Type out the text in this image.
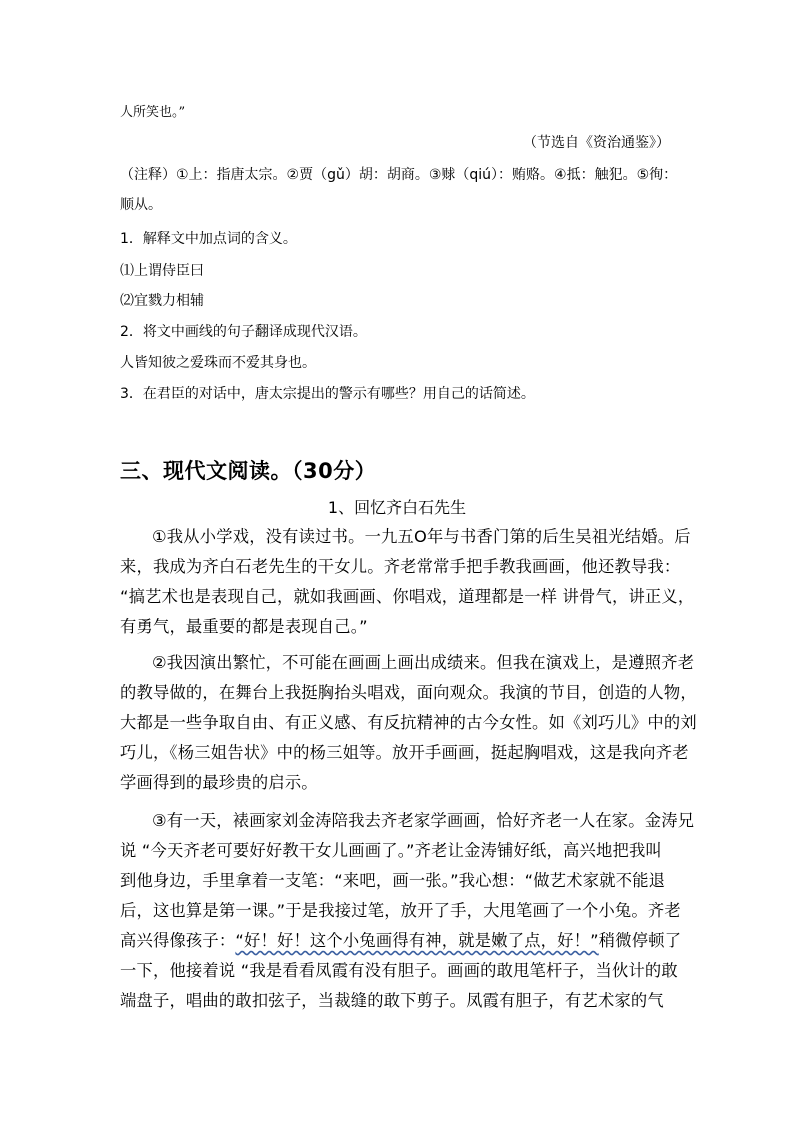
人所笑也。”
（节选自《资治通鉴》）
（注释）①上：指唐太宗。②贾（gǔ）胡：胡商。③赇（qiú）：贿赂。④抵：触犯。⑤徇：
顺从。
1．解释文中加点词的含义。
⑴上谓侍臣曰
⑵宜戮力相辅
2．将文中画线的句子翻译成现代汉语。
人皆知彼之爱珠而不爱其身也。
3．在君臣的对话中，唐太宗提出的警示有哪些？用自己的话简述。
三、现代文阅读。（30分）
1、回忆齐白石先生
①我从小学戏，没有读过书。一九五O年与书香门第的后生吴祖光结婚。后
来，我成为齐白石老先生的干女儿。齐老常常手把手教我画画，他还教导我：
“搞艺术也是表现自己，就如我画画、你唱戏，道理都是一样 讲骨气，讲正义，
有勇气，最重要的都是表现自己。”
②我因演出繁忙，不可能在画画上画出成绩来。但我在演戏上，是遵照齐老
的教导做的，在舞台上我挺胸抬头唱戏，面向观众。我演的节目，创造的人物，
大都是一些争取自由、有正义感、有反抗精神的古今女性。如《刘巧儿》中的刘
巧儿，《杨三姐告状》中的杨三姐等。放开手画画，挺起胸唱戏，这是我向齐老
学画得到的最珍贵的启示。
③有一天，裱画家刘金涛陪我去齐老家学画画，恰好齐老一人在家。金涛兄
说 “今天齐老可要好好教干女儿画画了。”齐老让金涛铺好纸，高兴地把我叫
到他身边，手里拿着一支笔：“来吧，画一张。”我心想：“做艺术家就不能退
后，这也算是第一课。”于是我接过笔，放开了手，大甩笔画了一个小兔。齐老
高兴得像孩子：“好！好！这个小兔画得有神，就是嫩了点，好！”稍微停顿了
一下，他接着说 “我是看看凤霞有没有胆子。画画的敢甩笔杆子，当伙计的敢
端盘子，唱曲的敢扣弦子，当裁缝的敢下剪子。凤霞有胆子，有艺术家的气
